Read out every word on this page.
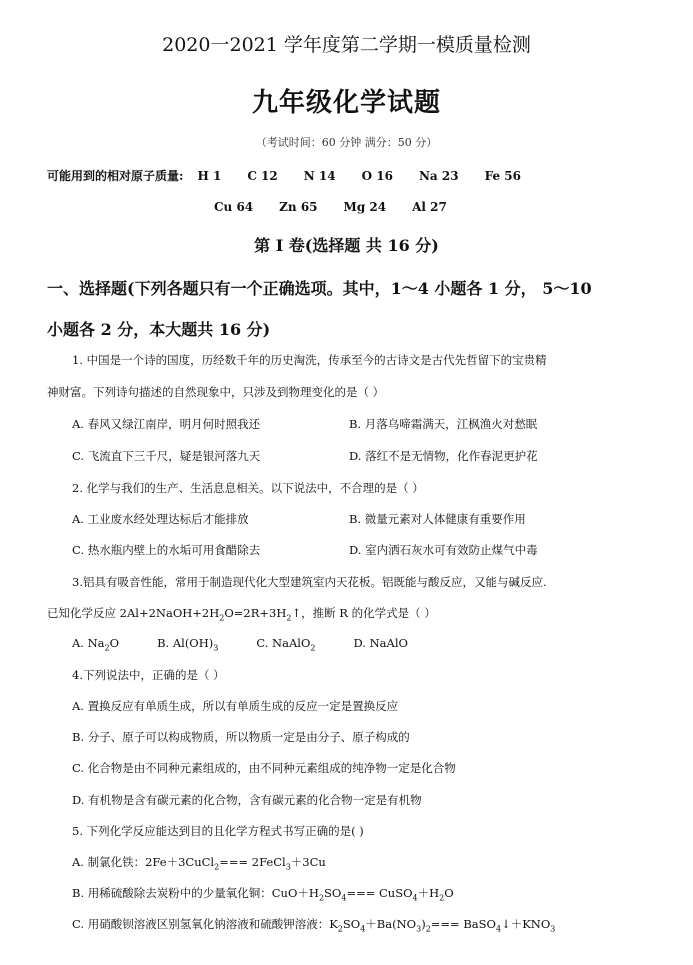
2020一2021 学年度第二学期一模质量检测
九年级化学试题
（考试时间：60 分钟 满分：50 分）
可能用到的相对原子质量: H 1 C 12 N 14 O 16 Na 23 Fe 56
Cu 64 Zn 65 Mg 24 Al 27
第 Ⅰ 卷(选择题 共 16 分)
一、选择题(下列各题只有一个正确选项。其中，1～4 小题各 1 分， 5～10
小题各 2 分，本大题共 16 分)
1. 中国是一个诗的国度，历经数千年的历史淘洗，传承至今的古诗文是古代先哲留下的宝贵精
神财富。下列诗句描述的自然现象中，只涉及到物理变化的是（ ）
A. 春风又绿江南岸，明月何时照我还	B. 月落乌啼霜满天，江枫渔火对愁眠
C. 飞流直下三千尺，疑是银河落九天	D. 落红不是无情物，化作春泥更护花
2. 化学与我们的生产、生活息息相关。以下说法中，不合理的是（ ）
A. 工业废水经处理达标后才能排放	B. 微量元素对人体健康有重要作用
C. 热水瓶内壁上的水垢可用食醋除去	D. 室内洒石灰水可有效防止煤气中毒
3.铝具有吸音性能，常用于制造现代化大型建筑室内天花板。铝既能与酸反应，又能与碱反应.
已知化学反应 $2Al+2NaOH+2H_2O=2R+3H_2↑$，推断 R 的化学式是（ ）
A. $Na_2O$	B. $Al(OH)_3$	C. NaAlO$_2$	D. NaAlO
4.下列说法中，正确的是（ ）
A. 置换反应有单质生成，所以有单质生成的反应一定是置换反应
B. 分子、原子可以构成物质，所以物质一定是由分子、原子构成的
C. 化合物是由不同种元素组成的，由不同种元素组成的纯净物一定是化合物
D. 有机物是含有碳元素的化合物，含有碳元素的化合物一定是有机物
5. 下列化学反应能达到目的且化学方程式书写正确的是( )
A. 制氯化铁：2Fe＋3CuCl$_2$=== 2FeCl$_3$＋3Cu
B. 用稀硫酸除去炭粉中的少量氧化铜：$CuO+H_2SO_4===$ $CuSO_4+H_2O$
C. 用硝酸钡溶液区别氢氧化钠溶液和硫酸钾溶液：$K_2SO_4+Ba(NO_3)_2===$ $BaSO_4↓+KNO_3$
